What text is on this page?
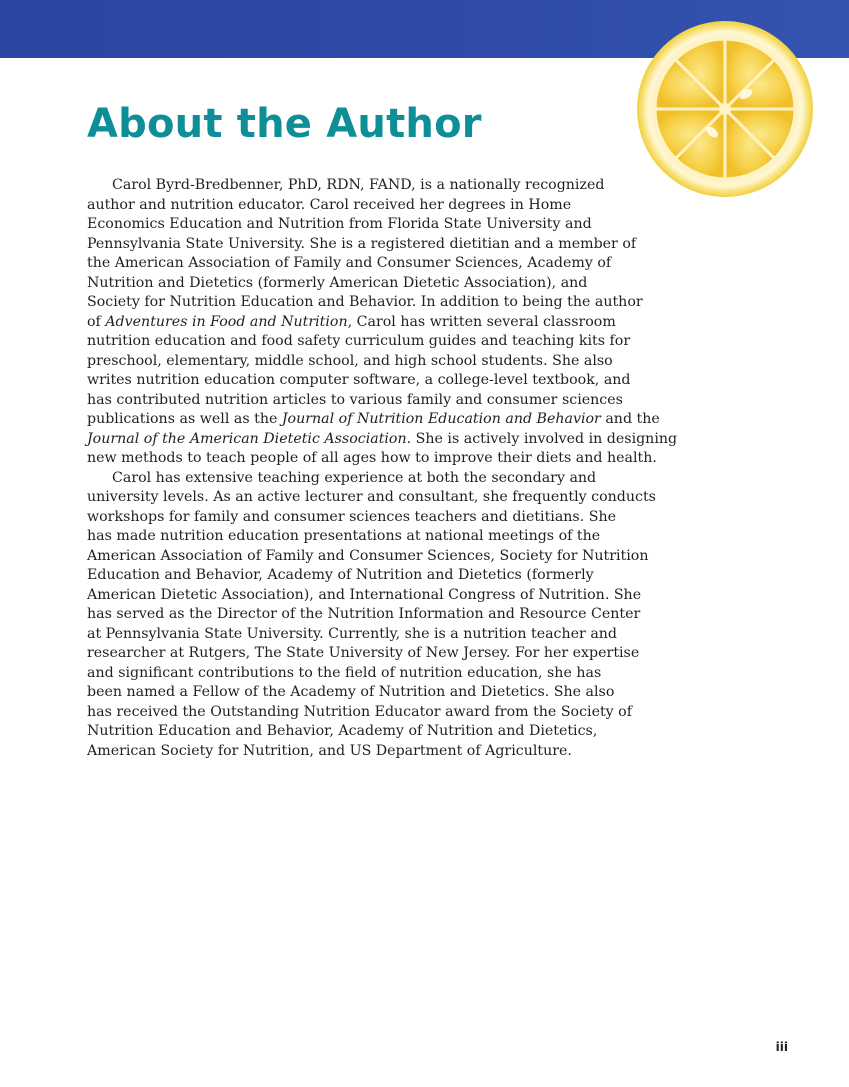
About the Author
Carol Byrd-Bredbenner, PhD, RDN, FAND, is a nationally recognized
author and nutrition educator. Carol received her degrees in Home
Economics Education and Nutrition from Florida State University and
Pennsylvania State University. She is a registered dietitian and a member of
the American Association of Family and Consumer Sciences, Academy of
Nutrition and Dietetics (formerly American Dietetic Association), and
Society for Nutrition Education and Behavior. In addition to being the author
of Adventures in Food and Nutrition, Carol has written several classroom
nutrition education and food safety curriculum guides and teaching kits for
preschool, elementary, middle school, and high school students. She also
writes nutrition education computer software, a college-level textbook, and
has contributed nutrition articles to various family and consumer sciences
publications as well as the Journal of Nutrition Education and Behavior and the
Journal of the American Dietetic Association. She is actively involved in designing
new methods to teach people of all ages how to improve their diets and health.
Carol has extensive teaching experience at both the secondary and
university levels. As an active lecturer and consultant, she frequently conducts
workshops for family and consumer sciences teachers and dietitians. She
has made nutrition education presentations at national meetings of the
American Association of Family and Consumer Sciences, Society for Nutrition
Education and Behavior, Academy of Nutrition and Dietetics (formerly
American Dietetic Association), and International Congress of Nutrition. She
has served as the Director of the Nutrition Information and Resource Center
at Pennsylvania State University. Currently, she is a nutrition teacher and
researcher at Rutgers, The State University of New Jersey. For her expertise
and significant contributions to the field of nutrition education, she has
been named a Fellow of the Academy of Nutrition and Dietetics. She also
has received the Outstanding Nutrition Educator award from the Society of
Nutrition Education and Behavior, Academy of Nutrition and Dietetics,
American Society for Nutrition, and US Department of Agriculture.
iii
